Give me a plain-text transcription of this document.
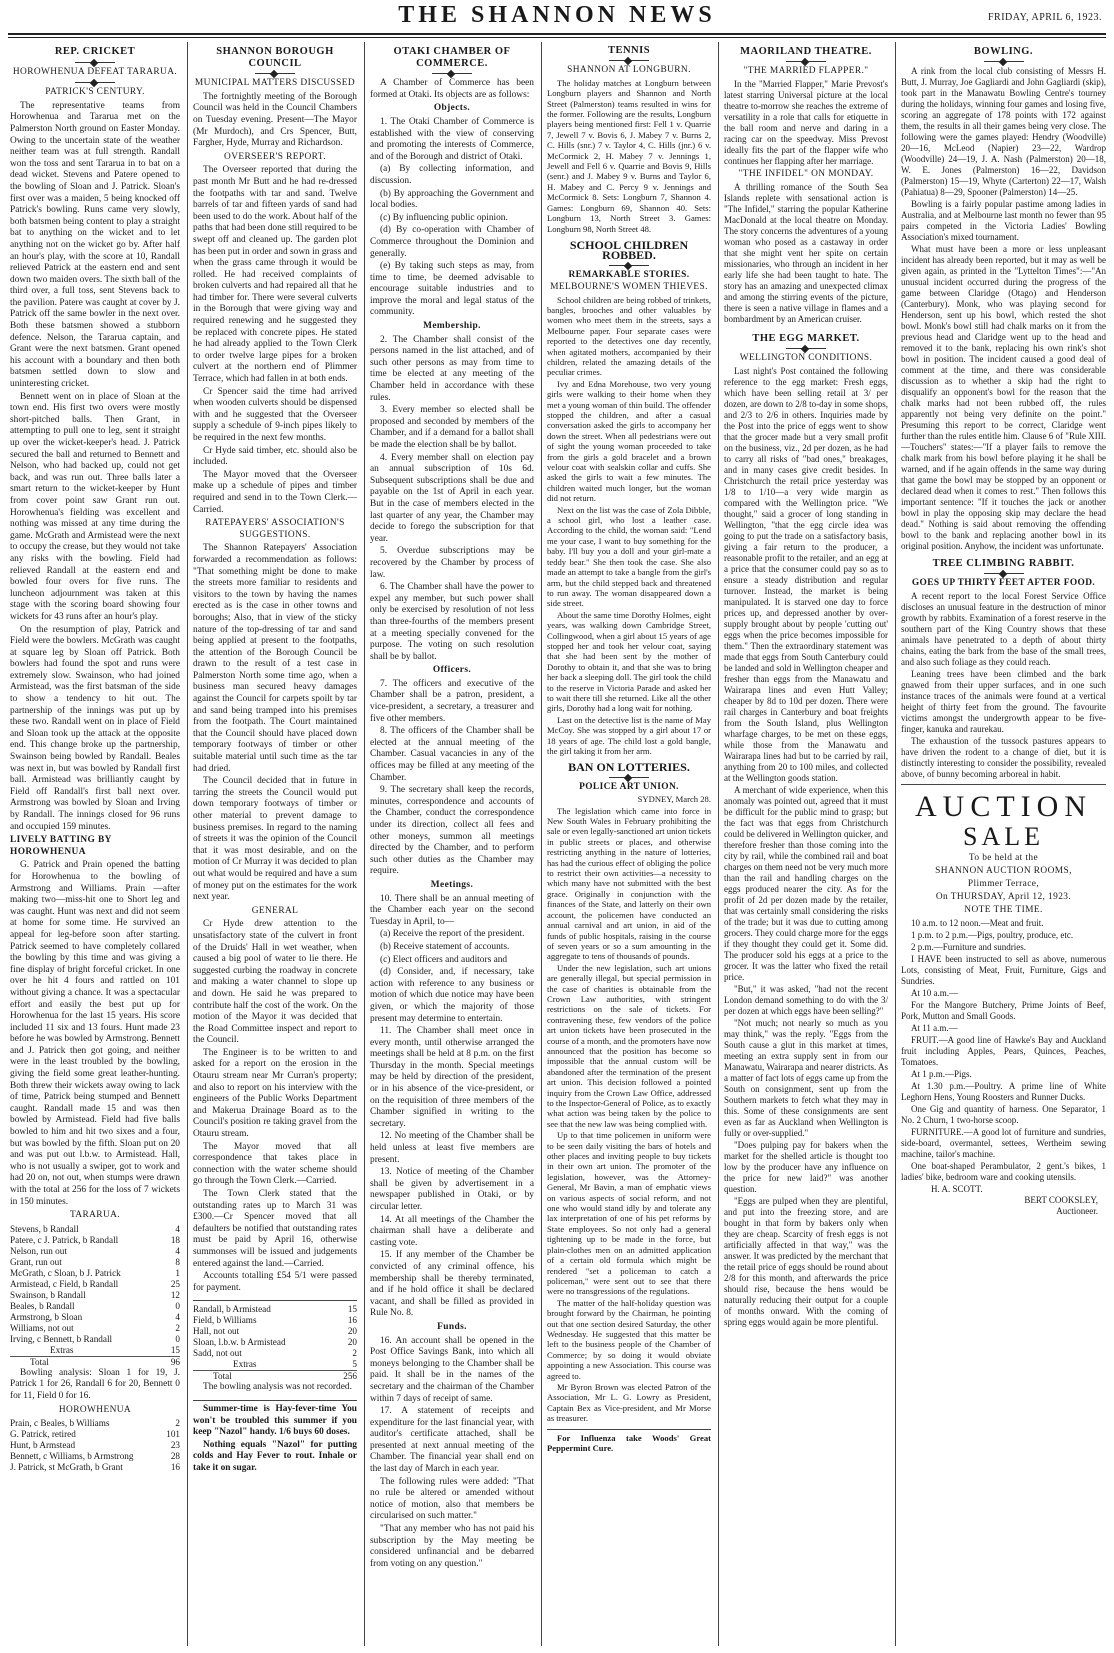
THE SHANNON NEWS	FRIDAY, APRIL 6, 1923.
REP. CRICKET
HOROWHENUA DEFEAT TARARUA.
PATRICK'S CENTURY.

The representative teams from Horowhenua and Tararua met on the Palmerston North ground on Easter Monday. Owing to the uncertain state of the weather neither team was at full strength. Randall won the toss and sent Tararua in to bat on a dead wicket. Stevens and Patere opened to the bowling of Sloan and J. Patrick. Sloan's first over was a maiden, 5 being knocked off Patrick's bowling. Runs came very slowly, both batsmen being content to play a straight bat to anything on the wicket and to let anything not on the wicket go by. After half an hour's play, with the score at 10, Randall relieved Patrick at the eastern end and sent down two maiden overs. The sixth ball of the third over, a full toss, sent Stevens back to the pavilion. Patere was caught at cover by J. Patrick off the same bowler in the next over. Both these batsmen showed a stubborn defence. Nelson, the Tararua captain, and Grant were the next batsmen. Grant opened his account with a boundary and then both batsmen settled down to slow and uninteresting cricket.

Bennett went on in place of Sloan at the town end. His first two overs were mostly short-pitched balls. Then Grant, in attempting to pull one to leg, sent it straight up over the wicket-keeper's head. J. Patrick secured the ball and returned to Bennett and Nelson, who had backed up, could not get back, and was run out. Three balls later a smart return to the wicket-keeper by Hunt from cover point saw Grant run out. Horowhenua's fielding was excellent and nothing was missed at any time during the game. McGrath and Armistead were the next to occupy the crease, but they would not take any risks with the bowling. Field had relieved Randall at the eastern end and bowled four overs for five runs. The luncheon adjournment was taken at this stage with the scoring board showing four wickets for 43 runs after an hour's play.

On the resumption of play, Patrick and Field were the bowlers. McGrath was caught at square leg by Sloan off Patrick. Both bowlers had found the spot and runs were extremely slow. Swainson, who had joined Armistead, was the first batsman of the side to show a tendency to hit out. The partnership of the innings was put up by these two. Randall went on in place of Field and Sloan took up the attack at the opposite end. This change broke up the partnership, Swainson being bowled by Randall. Beales was next in, but was bowled by Randall first ball. Armistead was brilliantly caught by Field off Randall's first ball next over. Armstrong was bowled by Sloan and Irving by Randall. The innings closed for 96 runs and occupied 159 minutes.

LIVELY BATTING BY HOROWHENUA

G. Patrick and Prain opened the batting for Horowhenua to the bowling of Armstrong and Williams. Prain —after making two—miss-hit one to Short leg and was caught. Hunt was next and did not seem at home for some time. He survived an appeal for leg-before soon after starting. Patrick seemed to have completely collared the bowling by this time and was giving a fine display of bright forceful cricket. In one over he hit 4 fours and rattled on 101 without giving a chance. It was a spectacular effort and easily the best put up for Horowhenua for the last 15 years. His score included 11 six and 13 fours. Hunt made 23 before he was bowled by Armstrong. Bennett and J. Patrick then got going, and neither were in the least troubled by the bowling, giving the field some great leather-hunting. Both threw their wickets away owing to lack of time, Patrick being stumped and Bennett caught. Randall made 15 and was then bowled by Armistead. Field had five balls bowled to him and hit two sixes and a four, but was bowled by the fifth. Sloan put on 20 and was put out l.b.w. to Armistead. Hall, who is not usually a swiper, got to work and had 20 on, not out, when stumps were drawn with the total at 256 for the loss of 7 wickets in 150 minutes.

TARARUA.
Stevens, b Randall	4
Patere, c J. Patrick, b Randall	18
Nelson, run out	4
Grant, run out	8
McGrath, c Sloan, b J. Patrick	1
Armistead, c Field, b Randall	25
Swainson, b Randall	12
Beales, b Randall	0
Armstrong, b Sloan	4
Williams, not out	2
Irving, c Bennett, b Randall	0
Extras	15
Total	96

Bowling analysis: Sloan 1 for 19, J. Patrick 1 for 26, Randall 6 for 20, Bennett 0 for 11, Field 0 for 16.

HOROWHENUA
Prain, c Beales, b Williams	2
G. Patrick, retired	101
Hunt, b Armstead	23
Bennett, c Williams, b Armstrong	28
J. Patrick, st McGrath, b Grant	16
SHANNON BOROUGH COUNCIL
MUNICIPAL MATTERS DISCUSSED

The fortnightly meeting of the Borough Council was held in the Council Chambers on Tuesday evening. Present—The Mayor (Mr Murdoch), and Crs Spencer, Butt, Fargher, Hyde, Murray and Richardson.

OVERSEER'S REPORT.

The Overseer reported that during the past month Mr Butt and he had re-dressed the footpaths with tar and sand. Twelve barrels of tar and fifteen yards of sand had been used to do the work. About half of the paths that had been done still required to be swept off and cleaned up. The garden plot has been put in order and sown in grass and when the grass came through it would be rolled. He had received complaints of broken culverts and had repaired all that he had timber for. There were several culverts in the Borough that were giving way and required renewing and he suggested they be replaced with concrete pipes. He stated he had already applied to the Town Clerk to order twelve large pipes for a broken culvert at the northern end of Plimmer Terrace, which had fallen in at both ends.

Cr Spencer said the time had arrived when wooden culverts should be dispensed with and he suggested that the Overseer supply a schedule of 9-inch pipes likely to be required in the next few months.

Cr Hyde said timber, etc. should also be included.

The Mayor moved that the Overseer make up a schedule of pipes and timber required and send in to the Town Clerk.—Carried.

RATEPAYERS' ASSOCIATION'S SUGGESTIONS.

The Shannon Ratepayers' Association forwarded a recommendation as follows: "That something might be done to make the streets more familiar to residents and visitors to the town by having the names erected as is the case in other towns and boroughs; Also, that in view of the sticky nature of the top-dressing of tar and sand being applied at present to the footpaths, the attention of the Borough Council be drawn to the result of a test case in Palmerston North some time ago, when a business man secured heavy damages against the Council for carpets spoilt by tar and sand being tramped into his premises from the footpath. The Court maintained that the Council should have placed down temporary footways of timber or other suitable material until such time as the tar had dried.

The Council decided that in future in tarring the streets the Council would put down temporary footways of timber or other material to prevent damage to business premises. In regard to the naming of streets it was the opinion of the Council that it was most desirable, and on the motion of Cr Murray it was decided to plan out what would be required and have a sum of money put on the estimates for the work next year.

GENERAL

Cr Hyde drew attention to the unsatisfactory state of the culvert in front of the Druids' Hall in wet weather, when caused a big pool of water to lie there. He suggested curbing the roadway in concrete and making a water channel to slope up and down. He said he was prepared to contribute half the cost of the work. On the motion of the Mayor it was decided that the Road Committee inspect and report to the Council.

The Engineer is to be written to and asked for a report on the erosion in the Otauru stream near Mr Curran's property; and also to report on his interview with the engineers of the Public Works Department and Makerua Drainage Board as to the Council's position re taking gravel from the Otauru stream.

The Mayor moved that all correspondence that takes place in connection with the water scheme should go through the Town Clerk.—Carried.

The Town Clerk stated that the outstanding rates up to March 31 was £300.—Cr Spencer moved that all defaulters be notified that outstanding rates must be paid by April 16, otherwise summonses will be issued and judgements entered against the land.—Carried.

Accounts totalling £54 5/1 were passed for payment.

Randall, b Armistead	15
Field, b Williams	16
Hall, not out	20
Sloan, l.b.w. b Armistead	20
Sadd, not out	2
Extras	5
Total	256

The bowling analysis was not recorded.

Summer-time is Hay-fever-time You won't be troubled this summer if you keep "Nazol" handy. 1/6 buys 60 doses.

Nothing equals "Nazol" for putting colds and Hay Fever to rout. Inhale or take it on sugar.

OTAKI CHAMBER OF COMMERCE.

A Chamber of Commerce has been formed at Otaki. Its objects are as follows:

Objects.

1. The Otaki Chamber of Commerce is established with the view of conserving and promoting the interests of Commerce, and of the Borough and district of Otaki.

(a) By collecting information, and discussion.

(b) By approaching the Government and local bodies.

(c) By influencing public opinion.

(d) By co-operation with Chamber of Commerce throughout the Dominion and generally.

(e) By taking such steps as may, from time to time, be deemed advisable to encourage suitable industries and to improve the moral and legal status of the community.

Membership.

2. The Chamber shall consist of the persons named in the list attached, and of such other persons as may from time to time be elected at any meeting of the Chamber held in accordance with these rules.

3. Every member so elected shall be proposed and seconded by members of the Chamber, and if a demand for a ballot shall be made the election shall be by ballot.

4. Every member shall on election pay an annual subscription of 10s 6d. Subsequent subscriptions shall be due and payable on the 1st of April in each year. But in the case of members elected in the last quarter of any year, the Chamber may decide to forego the subscription for that year.

5. Overdue subscriptions may be recovered by the Chamber by process of law.

6. The Chamber shall have the power to expel any member, but such power shall only be exercised by resolution of not less than three-fourths of the members present at a meeting specially convened for the purpose. The voting on such resolution shall be by ballot.

Officers.

7. The officers and executive of the Chamber shall be a patron, president, a vice-president, a secretary, a treasurer and five other members.

8. The officers of the Chamber shall be elected at the annual meeting of the Chamber. Casual vacancies in any of the offices may be filled at any meeting of the Chamber.

9. The secretary shall keep the records, minutes, correspondence and accounts of the Chamber, conduct the correspondence under its direction, collect all fees and other moneys, summon all meetings directed by the Chamber, and to perform such other duties as the Chamber may require.

Meetings.

10. There shall be an annual meeting of the Chamber each year on the second Tuesday in April, to—

(a) Receive the report of the president.

(b) Receive statement of accounts.

(c) Elect officers and auditors and

(d) Consider, and, if necessary, take action with reference to any business or motion of which due notice may have been given, or which the majority of those present may determine to entertain.

11. The Chamber shall meet once in every month, until otherwise arranged the meetings shall be held at 8 p.m. on the first Thursday in the month. Special meetings may be held by direction of the president, or in his absence of the vice-president, or on the requisition of three members of the Chamber signified in writing to the secretary.

12. No meeting of the Chamber shall be held unless at least five members are present.

13. Notice of meeting of the Chamber shall be given by advertisement in a newspaper published in Otaki, or by circular letter.

14. At all meetings of the Chamber the chairman shall have a deliberate and casting vote.

15. If any member of the Chamber be convicted of any criminal offence, his membership shall be thereby terminated, and if he hold office it shall be declared vacant, and shall be filled as provided in Rule No. 8.

Funds.

16. An account shall be opened in the Post Office Savings Bank, into which all moneys belonging to the Chamber shall be paid. It shall be in the names of the secretary and the chairman of the Chamber within 7 days of receipt of same.

17. A statement of receipts and expenditure for the last financial year, with auditor's certificate attached, shall be presented at next annual meeting of the Chamber. The financial year shall end on the last day of March in each year.

The following rules were added: "That no rule be altered or amended without notice of motion, also that members be circularised on such matter."

"That any member who has not paid his subscription by the May meeting be considered unfinancial and be debarred from voting on any question."

TENNIS
SHANNON AT LONGBURN.

The holiday matches at Longburn between Longburn players and Shannon and North Street (Palmerston) teams resulted in wins for the former. Following are the results, Longburn players being mentioned first: Fell 1 v. Quarrie 7, Jewell 7 v. Bovis 6, J. Mabey 7 v. Burns 2, C. Hills (snr.) 7 v. Taylor 4, C. Hills (jnr.) 6 v. McCormick 2, H. Mabey 7 v. Jennings 1, Jewell and Fell 6 v. Quarrie and Bovis 9, Hills (senr.) and J. Mabey 9 v. Burns and Taylor 6, H. Mabey and C. Percy 9 v. Jennings and McCormick 8. Sets: Longburn 7, Shannon 4. Games: Longburn 69, Shannon 40. Sets: Longburn 13, North Street 3. Games: Longburn 98, North Street 48.

SCHOOL CHILDREN ROBBED.
REMARKABLE STORIES.
MELBOURNE'S WOMEN THIEVES.

School children are being robbed of trinkets, bangles, brooches and other valuables by women who meet them in the streets, says a Melbourne paper. Four separate cases were reported to the detectives one day recently, when agitated mothers, accompanied by their children, related the amazing details of the peculiar crimes.

Ivy and Edna Morehouse, two very young girls were walking to their home when they met a young woman of thin build. The offender stopped the children, and after a casual conversation asked the girls to accompany her down the street. When all pedestrians were out of sight the young woman proceeded to take from the girls a gold bracelet and a brown velour coat with sealskin collar and cuffs. She asked the girls to wait a few minutes. The children waited much longer, but the woman did not return.

Next on the list was the case of Zola Dibble, a school girl, who lost a leather case. According to the child, the woman said: "Lend me your case, I want to buy something for the baby. I'll buy you a doll and your girl-mate a teddy bear." She then took the case. She also made an attempt to take a bangle from the girl's arm, but the child stepped back and threatened to run away. The woman disappeared down a side street.

About the same time Dorothy Holmes, eight years, was walking down Cambridge Street, Collingwood, when a girl about 15 years of age stopped her and took her velour coat, saying that she had been sent by the mother of Dorothy to obtain it, and that she was to bring her back a sleeping doll. The girl took the child to the reserve in Victoria Parade and asked her to wait there till she returned. Like all the other girls, Dorothy had a long wait for nothing.

Last on the detective list is the name of May McCoy. She was stopped by a girl about 17 or 18 years of age. The child lost a gold bangle, the girl taking it from her arm.

BAN ON LOTTERIES.
POLICE ART UNION.

SYDNEY, March 28.

The legislation which came into force in New South Wales in February prohibiting the sale or even legally-sanctioned art union tickets in public streets or places, and otherwise restricting anything in the nature of lotteries, has had the curious effect of obliging the police to restrict their own activities—a necessity to which many have not submitted with the best grace. Originally in conjunction with the finances of the State, and latterly on their own account, the policemen have conducted an annual carnival and art union, in aid of the funds of public hospitals, raising in the course of seven years or so a sum amounting in the aggregate to tens of thousands of pounds.

Under the new legislation, such art unions are generally illegal, but special permission in the case of charities is obtainable from the Crown Law authorities, with stringent restrictions on the sale of tickets. For contravening these, few vendors of the police art union tickets have been prosecuted in the course of a month, and the promoters have now announced that the position has become so impossible that the annual custom will be abandoned after the termination of the present art union. This decision followed a pointed inquiry from the Crown Law Office, addressed to the Inspector-General of Police, as to exactly what action was being taken by the police to see that the new law was being complied with.

Up to that time policemen in uniform were to be seen daily visiting the bars of hotels and other places and inviting people to buy tickets in their own art union. The promoter of the legislation, however, was the Attorney-General, Mr Bavin, a man of emphatic views on various aspects of social reform, and not one who would stand idly by and tolerate any lax interpretation of one of his pet reforms by State employees. So not only had a general tightening up to be made in the force, but plain-clothes men on an admitted application of a certain old formula which might be rendered "set a policeman to catch a policeman," were sent out to see that there were no transgressions of the regulations.

The matter of the half-holiday question was brought forward by the Chairman, he pointing out that one section desired Saturday, the other Wednesday. He suggested that this matter be left to the business people of the Chamber of Commerce; by so doing it would obviate appointing a new Association. This course was agreed to.

Mr Byron Brown was elected Patron of the Association, Mr L. G. Lowry as President, Captain Bex as Vice-president, and Mr Morse as treasurer.

For Influenza take Woods' Great Peppermint Cure.

MAORILAND THEATRE.
"THE MARRIED FLAPPER."

In the "Married Flapper," Marie Prevost's latest starring Universal picture at the local theatre to-morrow she reaches the extreme of versatility in a role that calls for etiquette in the ball room and nerve and daring in a racing car on the speedway. Miss Prevost ideally fits the part of the flapper wife who continues her flapping after her marriage.

"THE INFIDEL" ON MONDAY.

A thrilling romance of the South Sea Islands replete with sensational action is "The Infidel," starring the popular Katherine MacDonald at the local theatre on Monday. The story concerns the adventures of a young woman who posed as a castaway in order that she might vent her spite on certain missionaries, who through an incident in her early life she had been taught to hate. The story has an amazing and unexpected climax and among the stirring events of the picture, there is seen a native village in flames and a bombardment by an American cruiser.

THE EGG MARKET.
WELLINGTON CONDITIONS.

Last night's Post contained the following reference to the egg market: Fresh eggs, which have been selling retail at 3/ per dozen, are down to 2/8 to-day in some shops, and 2/3 to 2/6 in others. Inquiries made by the Post into the price of eggs went to show that the grocer made but a very small profit on the business, viz., 2d per dozen, as he had to carry all risks of "bad ones," breakages, and in many cases give credit besides. In Christchurch the retail price yesterday was 1/8 to 1/10—a very wide margin as compared with the Wellington price. "We thought," said a grocer of long standing in Wellington, "that the egg circle idea was going to put the trade on a satisfactory basis, giving a fair return to the producer, a reasonable profit to the retailer, and an egg at a price that the consumer could pay so as to ensure a steady distribution and regular turnover. Instead, the market is being manipulated. It is starved one day to force prices up, and depressed another by over-supply brought about by people 'cutting out' eggs when the price becomes impossible for them." Then the extraordinary statement was made that eggs from South Canterbury could be landed and sold in Wellington cheaper and fresher than eggs from the Manawatu and Wairarapa lines and even Hutt Valley; cheaper by 8d to 10d per dozen. There were rail charges in Canterbury and boat freights from the South Island, plus Wellington wharfage charges, to be met on these eggs, while those from the Manawatu and Wairarapa lines had but to be carried by rail, anything from 20 to 100 miles, and collected at the Wellington goods station.

A merchant of wide experience, when this anomaly was pointed out, agreed that it must be difficult for the public mind to grasp; but the fact was that eggs from Christchurch could be delivered in Wellington quicker, and therefore fresher than those coming into the city by rail, while the combined rail and boat charges on them need not be very much more than the rail and handling charges on the eggs produced nearer the city. As for the profit of 2d per dozen made by the retailer, that was certainly small considering the risks of the trade; but it was due to cutting among grocers. They could charge more for the eggs if they thought they could get it. Some did. The producer sold his eggs at a price to the grocer. It was the latter who fixed the retail price.

"But," it was asked, "had not the recent London demand something to do with the 3/ per dozen at which eggs have been selling?"

"Not much; not nearly so much as you may think," was the reply. "Eggs from the South cause a glut in this market at times, meeting an extra supply sent in from our Manawatu, Wairarapa and nearer districts. As a matter of fact lots of eggs came up from the South on consignment, sent up from the Southern markets to fetch what they may in this. Some of these consignments are sent even as far as Auckland when Wellington is fully or over-supplied."

"Does pulping pay for bakers when the market for the shelled article is thought too low by the producer have any influence on the price for new laid?" was another question.

"Eggs are pulped when they are plentiful, and put into the freezing store, and are bought in that form by bakers only when they are cheap. Scarcity of fresh eggs is not artificially affected in that way," was the answer. It was predicted by the merchant that the retail price of eggs should be round about 2/8 for this month, and afterwards the price should rise, because the hens would be naturally reducing their output for a couple of months onward. With the coming of spring eggs would again be more plentiful.

BOWLING.

A rink from the local club consisting of Messrs H. Butt, J. Murray, Joe Gagliardi and John Gagliardi (skip), took part in the Manawatu Bowling Centre's tourney during the holidays, winning four games and losing five, scoring an aggregate of 178 points with 172 against them, the results in all their games being very close. The following were the games played: Hendry (Woodville) 20—16, McLeod (Napier) 23—22, Wardrop (Woodville) 24—19, J. A. Nash (Palmerston) 20—18, W. E. Jones (Palmerston) 16—22, Davidson (Palmerston) 15—19, Whyte (Carterton) 22—17, Walsh (Pahiatua) 8—29, Spooner (Palmerston) 14—25.

Bowling is a fairly popular pastime among ladies in Australia, and at Melbourne last month no fewer than 95 pairs competed in the Victoria Ladies' Bowling Association's mixed tournament.

What must have been a more or less unpleasant incident has already been reported, but it may as well be given again, as printed in the "Lyttelton Times":—"An unusual incident occurred during the progress of the game between Claridge (Otago) and Henderson (Canterbury). Monk, who was playing second for Henderson, sent up his bowl, which rested the shot bowl. Monk's bowl still had chalk marks on it from the previous head and Claridge went up to the head and removed it to the bank, replacing his own rink's shot bowl in position. The incident caused a good deal of comment at the time, and there was considerable discussion as to whether a skip had the right to disqualify an opponent's bowl for the reason that the chalk marks had not been rubbed off, the rules apparently not being very definite on the point." Presuming this report to be correct, Claridge went further than the rules entitle him. Clause 6 of "Rule XIII. —Touchers" states:—"If a player fails to remove the chalk mark from his bowl before playing it he shall be warned, and if he again offends in the same way during that game the bowl may be stopped by an opponent or declared dead when it comes to rest." Then follows this important sentence: "If it touches the jack or another bowl in play the opposing skip may declare the head dead." Nothing is said about removing the offending bowl to the bank and replacing another bowl in its original position. Anyhow, the incident was unfortunate.

TREE CLIMBING RABBIT.
GOES UP THIRTY FEET AFTER FOOD.

A recent report to the local Forest Service Office discloses an unusual feature in the destruction of minor growth by rabbits. Examination of a forest reserve in the southern part of the King Country shows that these animals have penetrated to a depth of about thirty chains, eating the bark from the base of the small trees, and also such foliage as they could reach.

Leaning trees have been climbed and the bark gnawed from their upper surfaces, and in one such instance traces of the animals were found at a vertical height of thirty feet from the ground. The favourite victims amongst the undergrowth appear to be five-finger, kanuka and raurekau.

The exhaustion of the tussock pastures appears to have driven the rodent to a change of diet, but it is distinctly interesting to consider the possibility, revealed above, of bunny becoming arboreal in habit.

AUCTION
SALE
To be held at the
SHANNON AUCTION ROOMS,
Plimmer Terrace,
On THURSDAY, April 12, 1923.
NOTE THE TIME.

10 a.m. to 12 noon.—Meat and fruit.

1 p.m. to 2 p.m.—Pigs, poultry, produce, etc.

2 p.m.—Furniture and sundries.

I HAVE been instructed to sell as above, numerous Lots, consisting of Meat, Fruit, Furniture, Gigs and Sundries.

At 10 a.m.—

For the Mangore Butchery, Prime Joints of Beef, Pork, Mutton and Small Goods.

At 11 a.m.—

FRUIT.—A good line of Hawke's Bay and Auckland fruit including Apples, Pears, Quinces, Peaches, Tomatoes.

At 1 p.m.—Pigs.

At 1.30 p.m.—Poultry. A prime line of White Leghorn Hens, Young Roosters and Runner Ducks.

One Gig and quantity of harness. One Separator, 1 No. 2 Churn, 1 two-horse scoop.

FURNITURE.—A good lot of furniture and sundries, side-board, overmantel, settees, Wertheim sewing machine, tailor's machine.

One boat-shaped Perambulator, 2 gent.'s bikes, 1 ladies' bike, bedroom ware and cooking utensils.

H. A. SCOTT.
BERT COOKSLEY,
Auctioneer.
